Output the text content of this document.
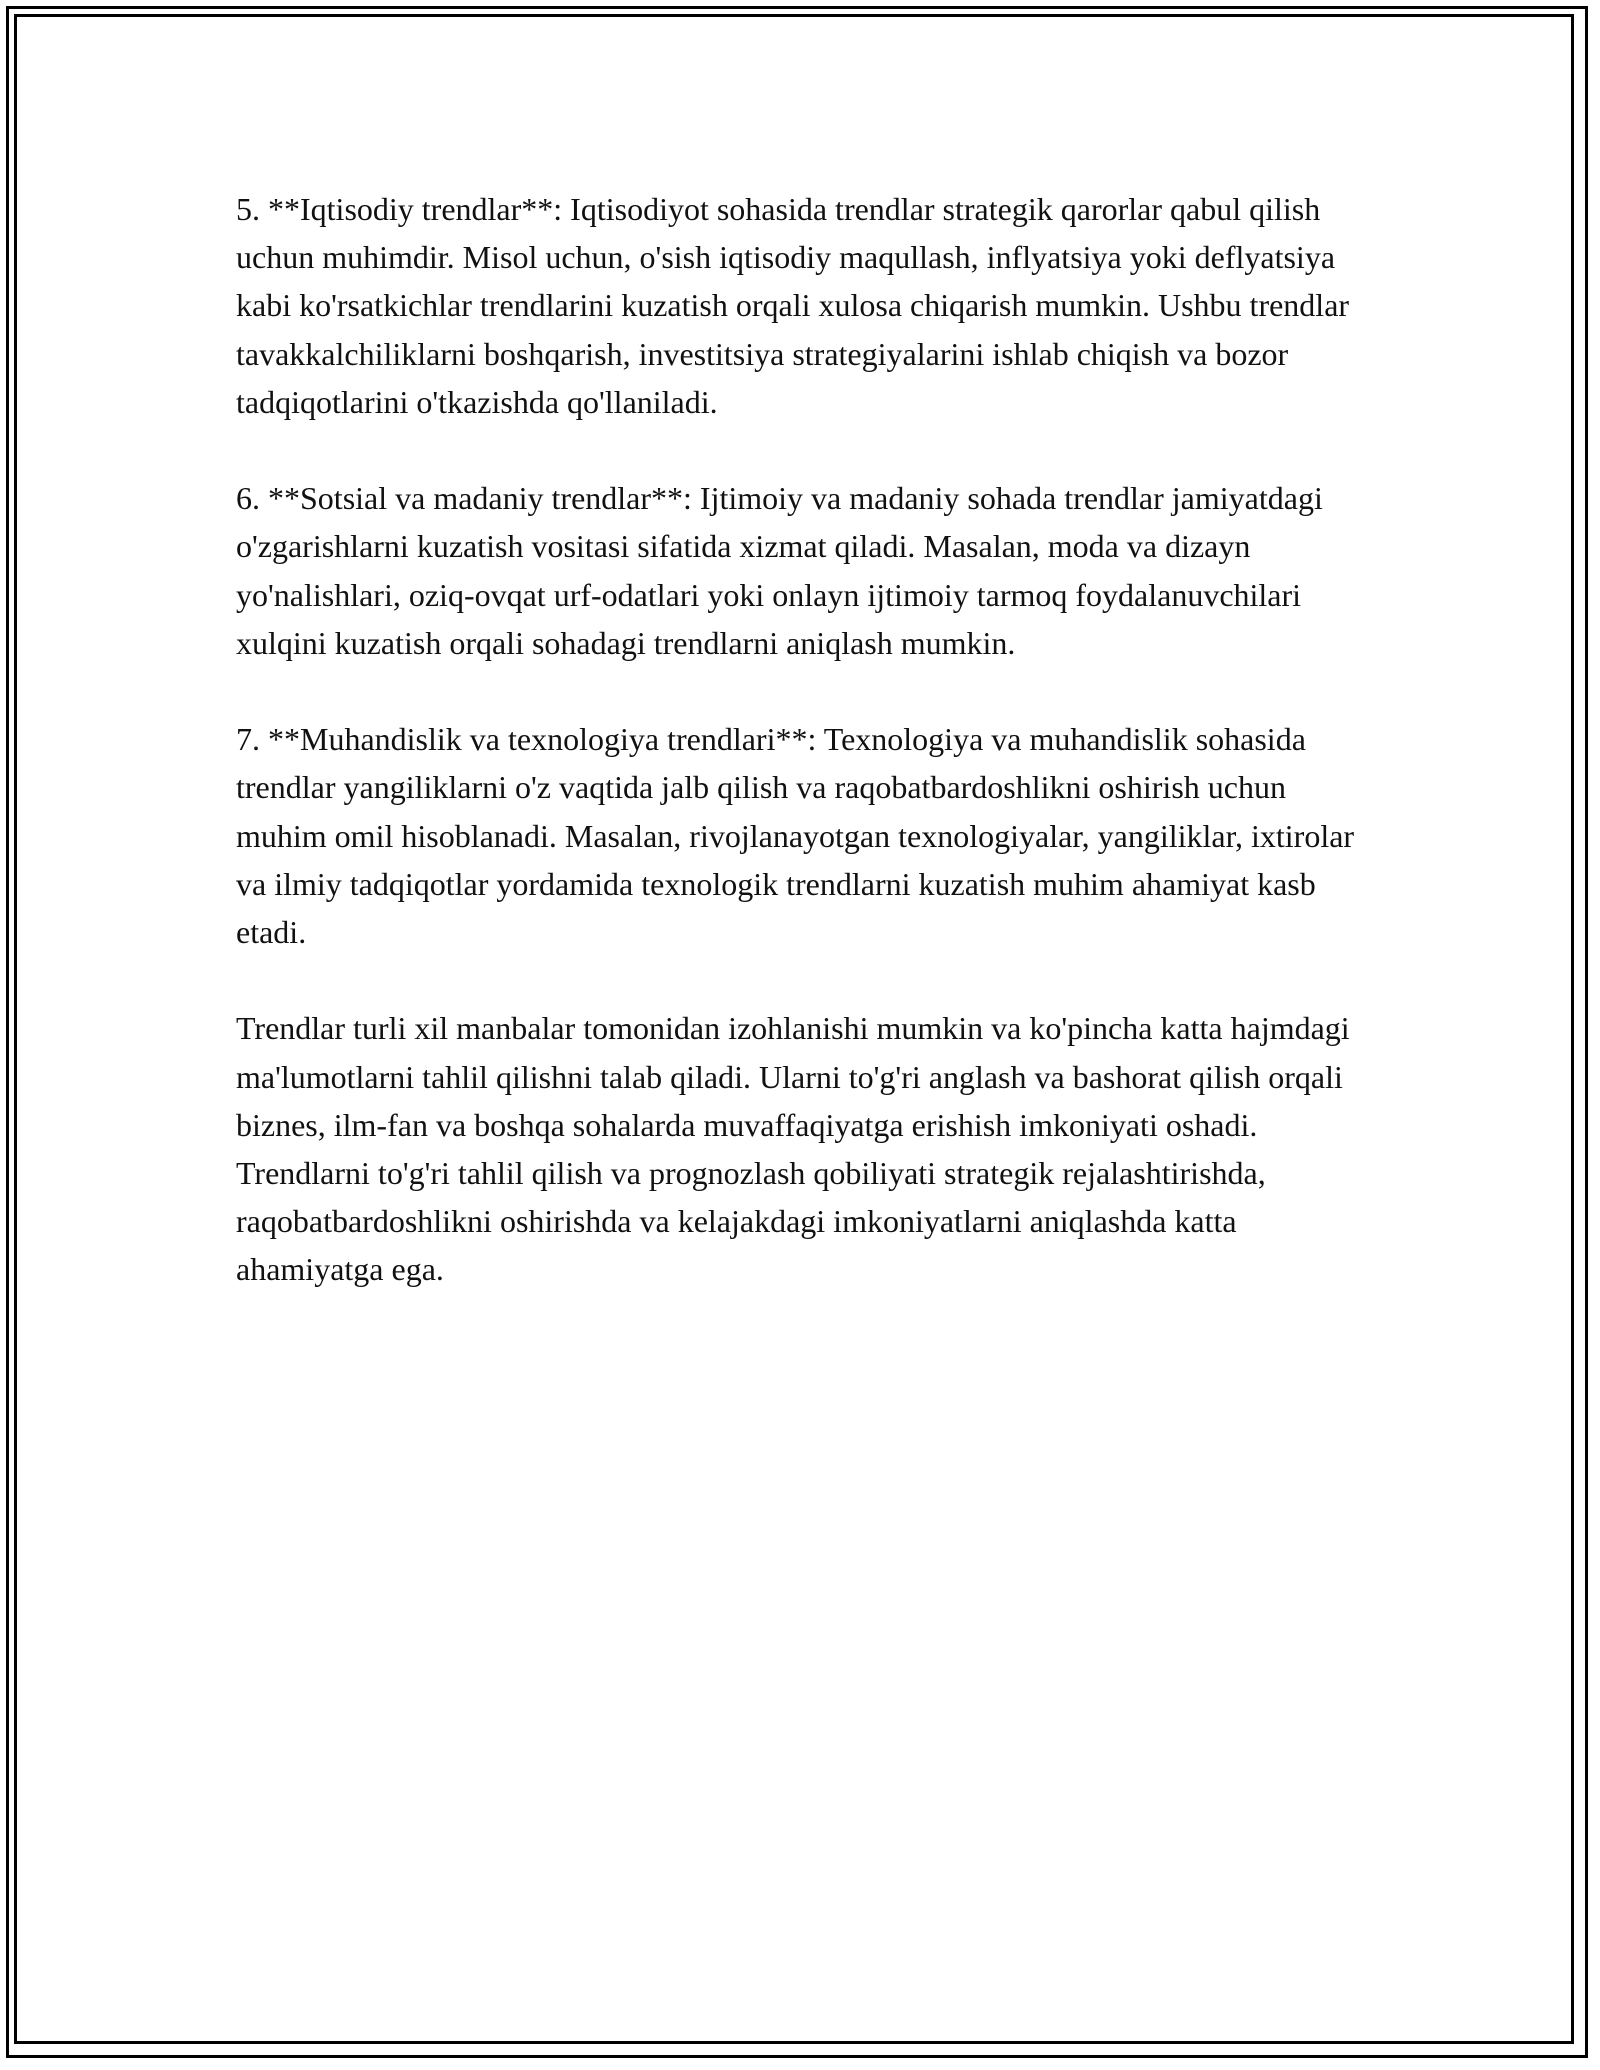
5. **Iqtisodiy trendlar**: Iqtisodiyot sohasida trendlar strategik qarorlar qabul qilish uchun muhimdir. Misol uchun, o'sish iqtisodiy maqullash, inflyatsiya yoki deflyatsiya kabi ko'rsatkichlar trendlarini kuzatish orqali xulosa chiqarish mumkin. Ushbu trendlar tavakkalchiliklarni boshqarish, investitsiya strategiyalarini ishlab chiqish va bozor tadqiqotlarini o'tkazishda qo'llaniladi.

6. **Sotsial va madaniy trendlar**: Ijtimoiy va madaniy sohada trendlar jamiyatdagi o'zgarishlarni kuzatish vositasi sifatida xizmat qiladi. Masalan, moda va dizayn yo'nalishlari, oziq-ovqat urf-odatlari yoki onlayn ijtimoiy tarmoq foydalanuvchilari xulqini kuzatish orqali sohadagi trendlarni aniqlash mumkin.

7. **Muhandislik va texnologiya trendlari**: Texnologiya va muhandislik sohasida trendlar yangiliklarni o'z vaqtida jalb qilish va raqobatbardoshlikni oshirish uchun muhim omil hisoblanadi. Masalan, rivojlanayotgan texnologiyalar, yangiliklar, ixtirolar va ilmiy tadqiqotlar yordamida texnologik trendlarni kuzatish muhim ahamiyat kasb etadi.

Trendlar turli xil manbalar tomonidan izohlanishi mumkin va ko'pincha katta hajmdagi ma'lumotlarni tahlil qilishni talab qiladi. Ularni to'g'ri anglash va bashorat qilish orqali biznes, ilm-fan va boshqa sohalarda muvaffaqiyatga erishish imkoniyati oshadi. Trendlarni to'g'ri tahlil qilish va prognozlash qobiliyati strategik rejalashtirishda, raqobatbardoshlikni oshirishda va kelajakdagi imkoniyatlarni aniqlashda katta ahamiyatga ega.
